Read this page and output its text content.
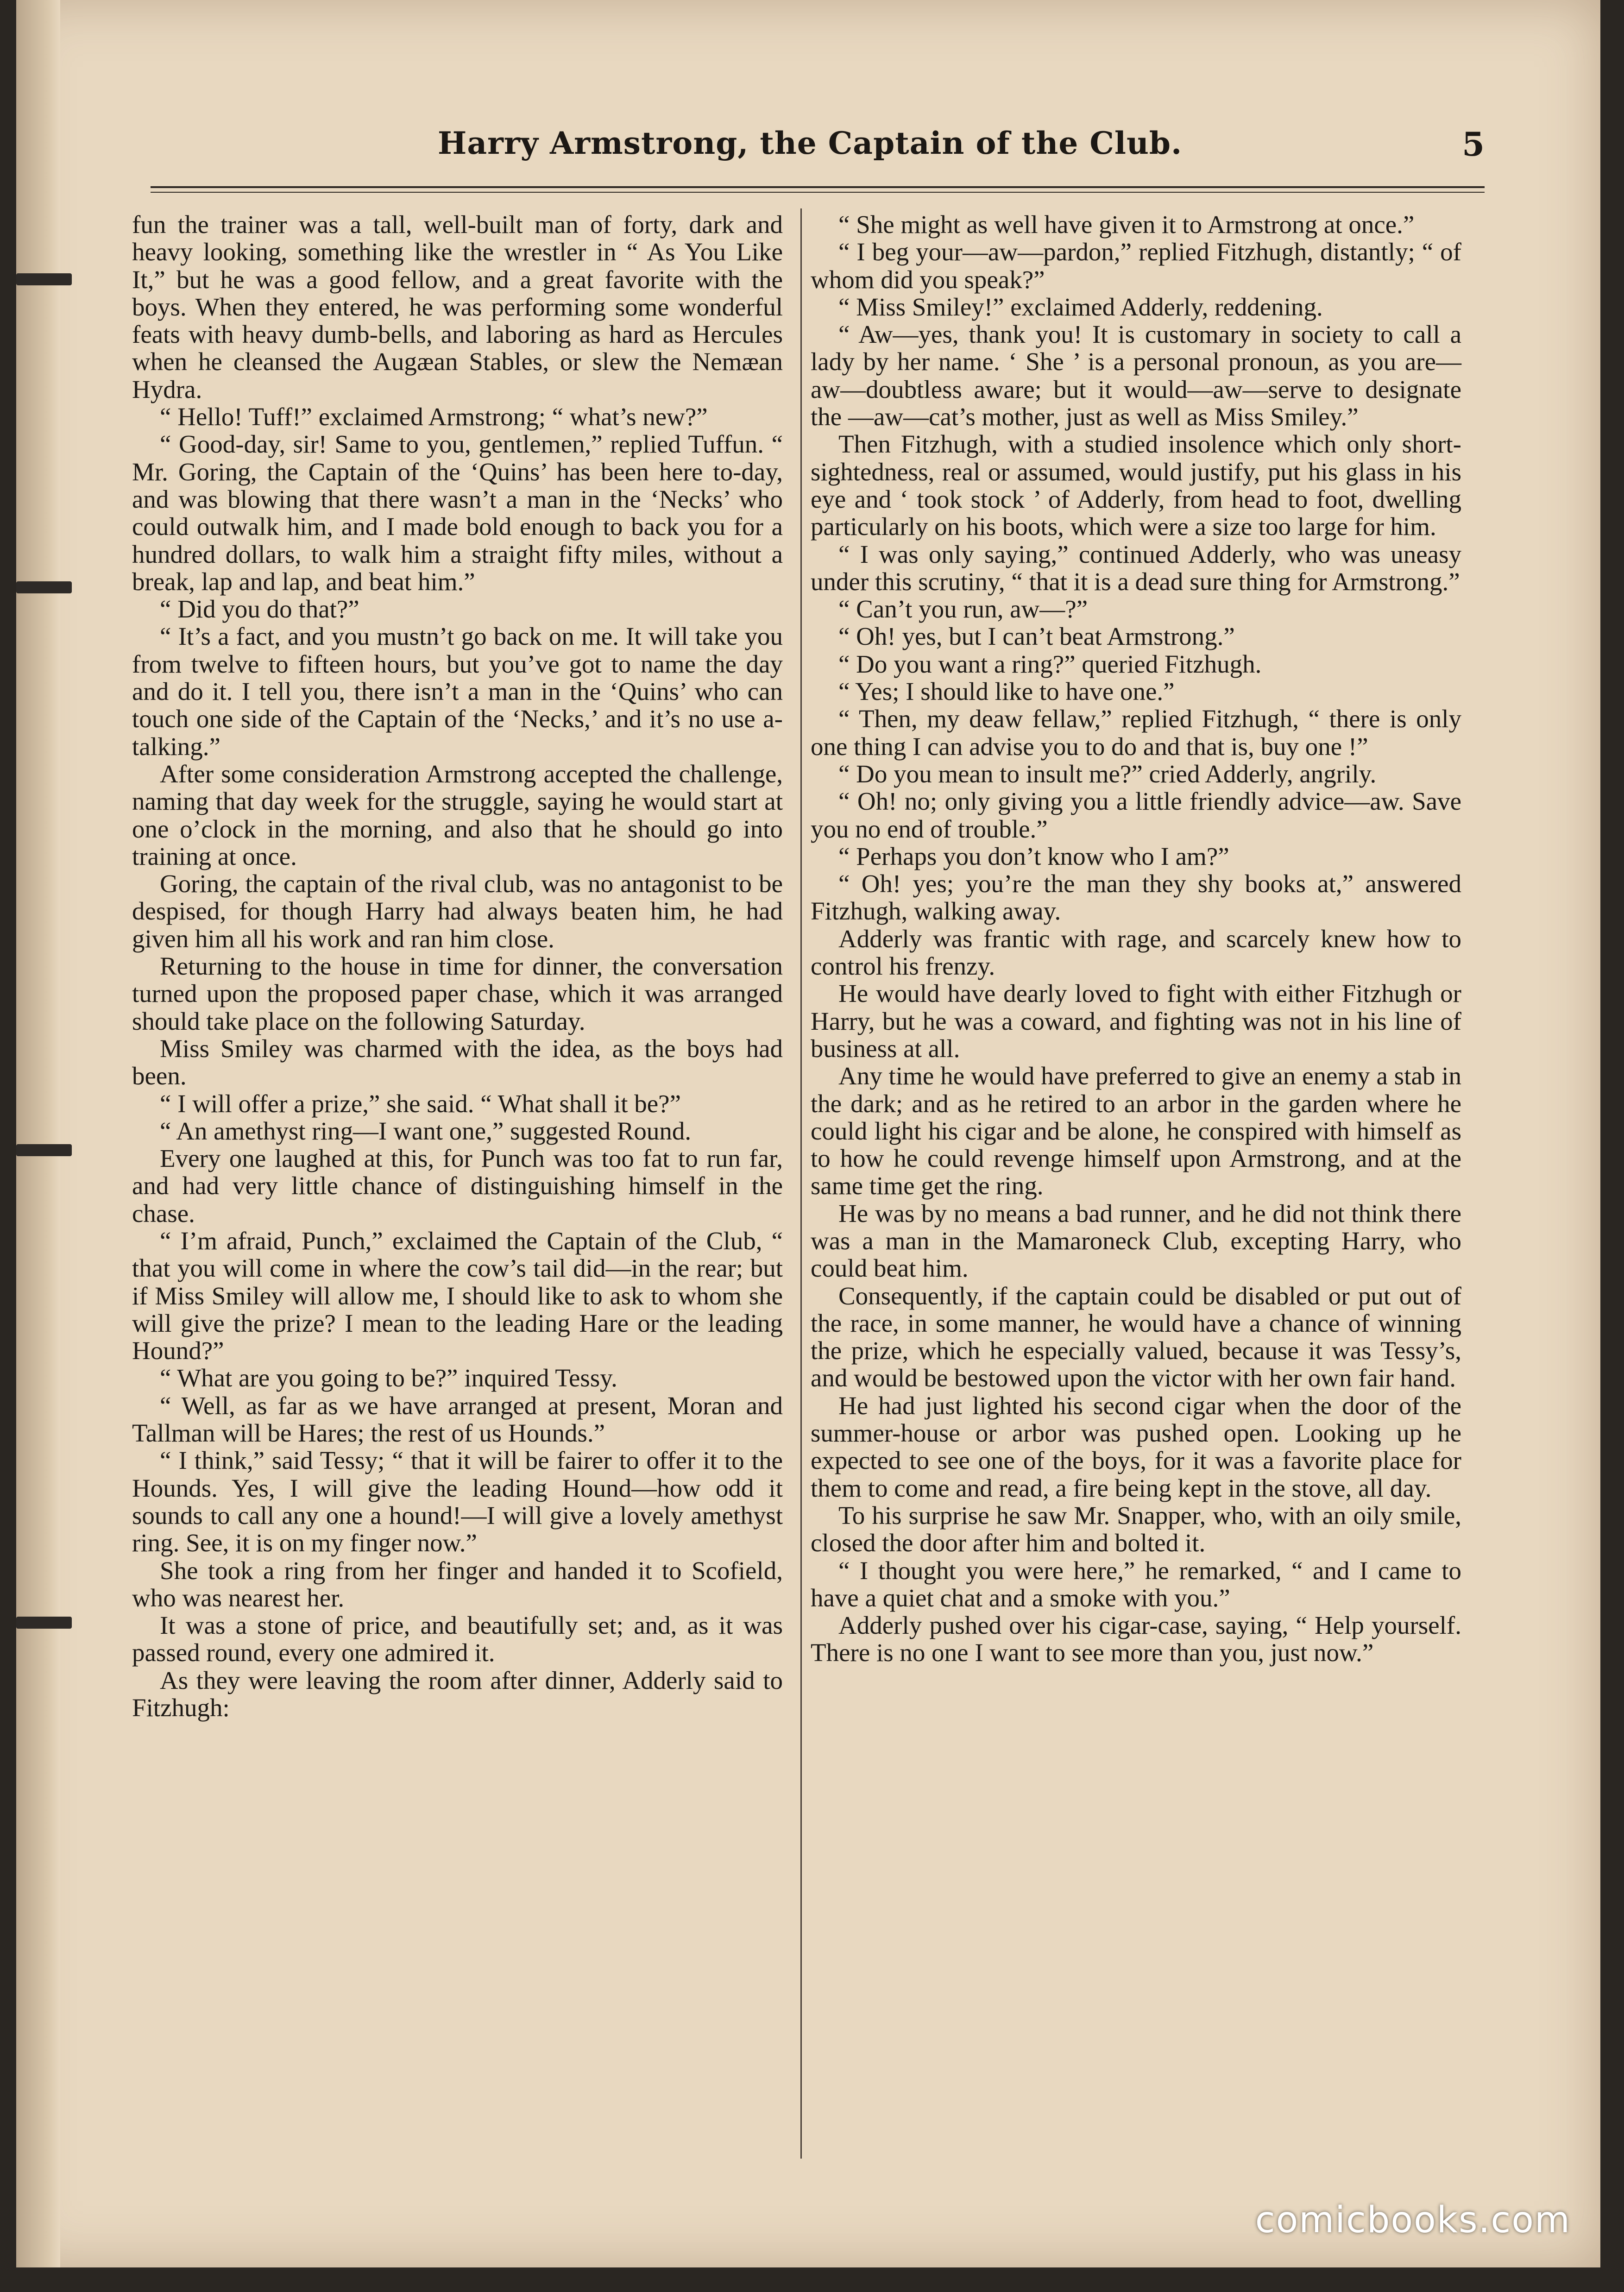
Harry Armstrong, the Captain of the Club.	5

fun the trainer was a tall, well-built man of forty, dark and heavy looking, something like the wrestler in “ As You Like It,” but he was a good fellow, and a great favorite with the boys. When they entered, he was performing some wonderful feats with heavy dumb-bells, and laboring as hard as Hercules when he cleansed the Augæan Stables, or slew the Nemæan Hydra.

“ Hello! Tuff!” exclaimed Armstrong; “ what’s new?”

“ Good-day, sir! Same to you, gentlemen,” replied Tuffun. “ Mr. Goring, the Captain of the ‘Quins’ has been here to-day, and was blowing that there wasn’t a man in the ‘Necks’ who could outwalk him, and I made bold enough to back you for a hundred dollars, to walk him a straight fifty miles, without a break, lap and lap, and beat him.”

“ Did you do that?”

“ It’s a fact, and you mustn’t go back on me. It will take you from twelve to fifteen hours, but you’ve got to name the day and do it. I tell you, there isn’t a man in the ‘Quins’ who can touch one side of the Captain of the ‘Necks,’ and it’s no use a-talking.”

After some consideration Armstrong accepted the challenge, naming that day week for the struggle, saying he would start at one o’clock in the morning, and also that he should go into training at once.

Goring, the captain of the rival club, was no antagonist to be despised, for though Harry had always beaten him, he had given him all his work and ran him close.

Returning to the house in time for dinner, the conversation turned upon the proposed paper chase, which it was arranged should take place on the following Saturday.

Miss Smiley was charmed with the idea, as the boys had been.

“ I will offer a prize,” she said. “ What shall it be?”

“ An amethyst ring—I want one,” suggested Round.

Every one laughed at this, for Punch was too fat to run far, and had very little chance of distinguishing himself in the chase.

“ I’m afraid, Punch,” exclaimed the Captain of the Club, “ that you will come in where the cow’s tail did—in the rear; but if Miss Smiley will allow me, I should like to ask to whom she will give the prize? I mean to the leading Hare or the leading Hound?”

“ What are you going to be?” inquired Tessy.

“ Well, as far as we have arranged at present, Moran and Tallman will be Hares; the rest of us Hounds.”

“ I think,” said Tessy; “ that it will be fairer to offer it to the Hounds. Yes, I will give the leading Hound—how odd it sounds to call any one a hound!—I will give a lovely amethyst ring. See, it is on my finger now.”

She took a ring from her finger and handed it to Scofield, who was nearest her.

It was a stone of price, and beautifully set; and, as it was passed round, every one admired it.

As they were leaving the room after dinner, Adderly said to Fitzhugh:

“ She might as well have given it to Armstrong at once.”

“ I beg your—aw—pardon,” replied Fitzhugh, distantly; “ of whom did you speak?”

“ Miss Smiley!” exclaimed Adderly, reddening.

“ Aw—yes, thank you! It is customary in society to call a lady by her name. ‘ She ’ is a personal pronoun, as you are—aw—doubtless aware; but it would—aw—serve to designate the —aw—cat’s mother, just as well as Miss Smiley.”

Then Fitzhugh, with a studied insolence which only short-sightedness, real or assumed, would justify, put his glass in his eye and ‘ took stock ’ of Adderly, from head to foot, dwelling particularly on his boots, which were a size too large for him.

“ I was only saying,” continued Adderly, who was uneasy under this scrutiny, “ that it is a dead sure thing for Armstrong.”

“ Can’t you run, aw—?”

“ Oh! yes, but I can’t beat Armstrong.”

“ Do you want a ring?” queried Fitzhugh.

“ Yes; I should like to have one.”

“ Then, my deaw fellaw,” replied Fitzhugh, “ there is only one thing I can advise you to do and that is, buy one !”

“ Do you mean to insult me?” cried Adderly, angrily.

“ Oh! no; only giving you a little friendly advice—aw. Save you no end of trouble.”

“ Perhaps you don’t know who I am?”

“ Oh! yes; you’re the man they shy books at,” answered Fitzhugh, walking away.

Adderly was frantic with rage, and scarcely knew how to control his frenzy.

He would have dearly loved to fight with either Fitzhugh or Harry, but he was a coward, and fighting was not in his line of business at all.

Any time he would have preferred to give an enemy a stab in the dark; and as he retired to an arbor in the garden where he could light his cigar and be alone, he conspired with himself as to how he could revenge himself upon Armstrong, and at the same time get the ring.

He was by no means a bad runner, and he did not think there was a man in the Mamaroneck Club, excepting Harry, who could beat him.

Consequently, if the captain could be disabled or put out of the race, in some manner, he would have a chance of winning the prize, which he especially valued, because it was Tessy’s, and would be bestowed upon the victor with her own fair hand.

He had just lighted his second cigar when the door of the summer-house or arbor was pushed open. Looking up he expected to see one of the boys, for it was a favorite place for them to come and read, a fire being kept in the stove, all day.

To his surprise he saw Mr. Snapper, who, with an oily smile, closed the door after him and bolted it.

“ I thought you were here,” he remarked, “ and I came to have a quiet chat and a smoke with you.”

Adderly pushed over his cigar-case, saying, “ Help yourself. There is no one I want to see more than you, just now.”

comicbooks.com
